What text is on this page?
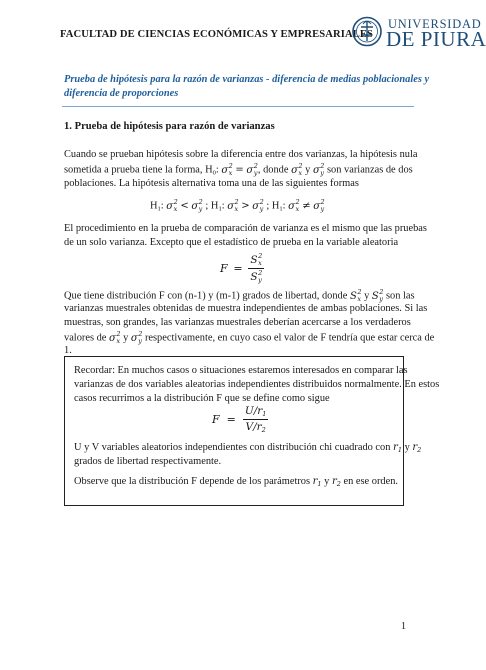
FACULTAD DE CIENCIAS ECONÓMICAS Y EMPRESARIALES
UNIVERSIDAD
DE PIURA
Prueba de hipótesis para la razón de varianzas - diferencia de medias poblacionales y
diferencia de proporciones
1. Prueba de hipótesis para razón de varianzas
Cuando se prueban hipótesis sobre la diferencia entre dos varianzas, la hipótesis nula
sometida a prueba tiene la forma, H0: σ 2
x = σ 2
y , donde σ 2
x y σ 2
y son varianzas de dos
poblaciones. La hipótesis alternativa toma una de las siguientes formas
H1: σ 2
x < σ 2
y ; H1: σ 2
x > σ 2
y ; H1: σ 2
x ≠ σ 2
y
El procedimiento en la prueba de comparación de varianza es el mismo que las pruebas
de un solo varianza. Excepto que el estadístico de prueba en la variable aleatoria
F = S 2
x
S 2
y
Que tiene distribución F con (n-1) y (m-1) grados de libertad, donde S 2
x y S 2
y son las
varianzas muestrales obtenidas de muestra independientes de ambas poblaciones. Si las
muestras, son grandes, las varianzas muestrales deberían acercarse a los verdaderos
valores de σ 2
x y σ 2
y respectivamente, en cuyo caso el valor de F tendría que estar cerca de
1.
Recordar: En muchos casos o situaciones estaremos interesados en comparar las
varianzas de dos variables aleatorias independientes distribuidos normalmente. En estos
casos recurrimos a la distribución F que se define como sigue
$F = \frac{U/r1}{V/r2}$
U y V variables aleatorios independientes con distribución chi cuadrado con $r_1$ y $r_2$
grados de libertad respectivamente.
Observe que la distribución F depende de los parámetros $r_1$ y $r_2$ en ese orden.
1
